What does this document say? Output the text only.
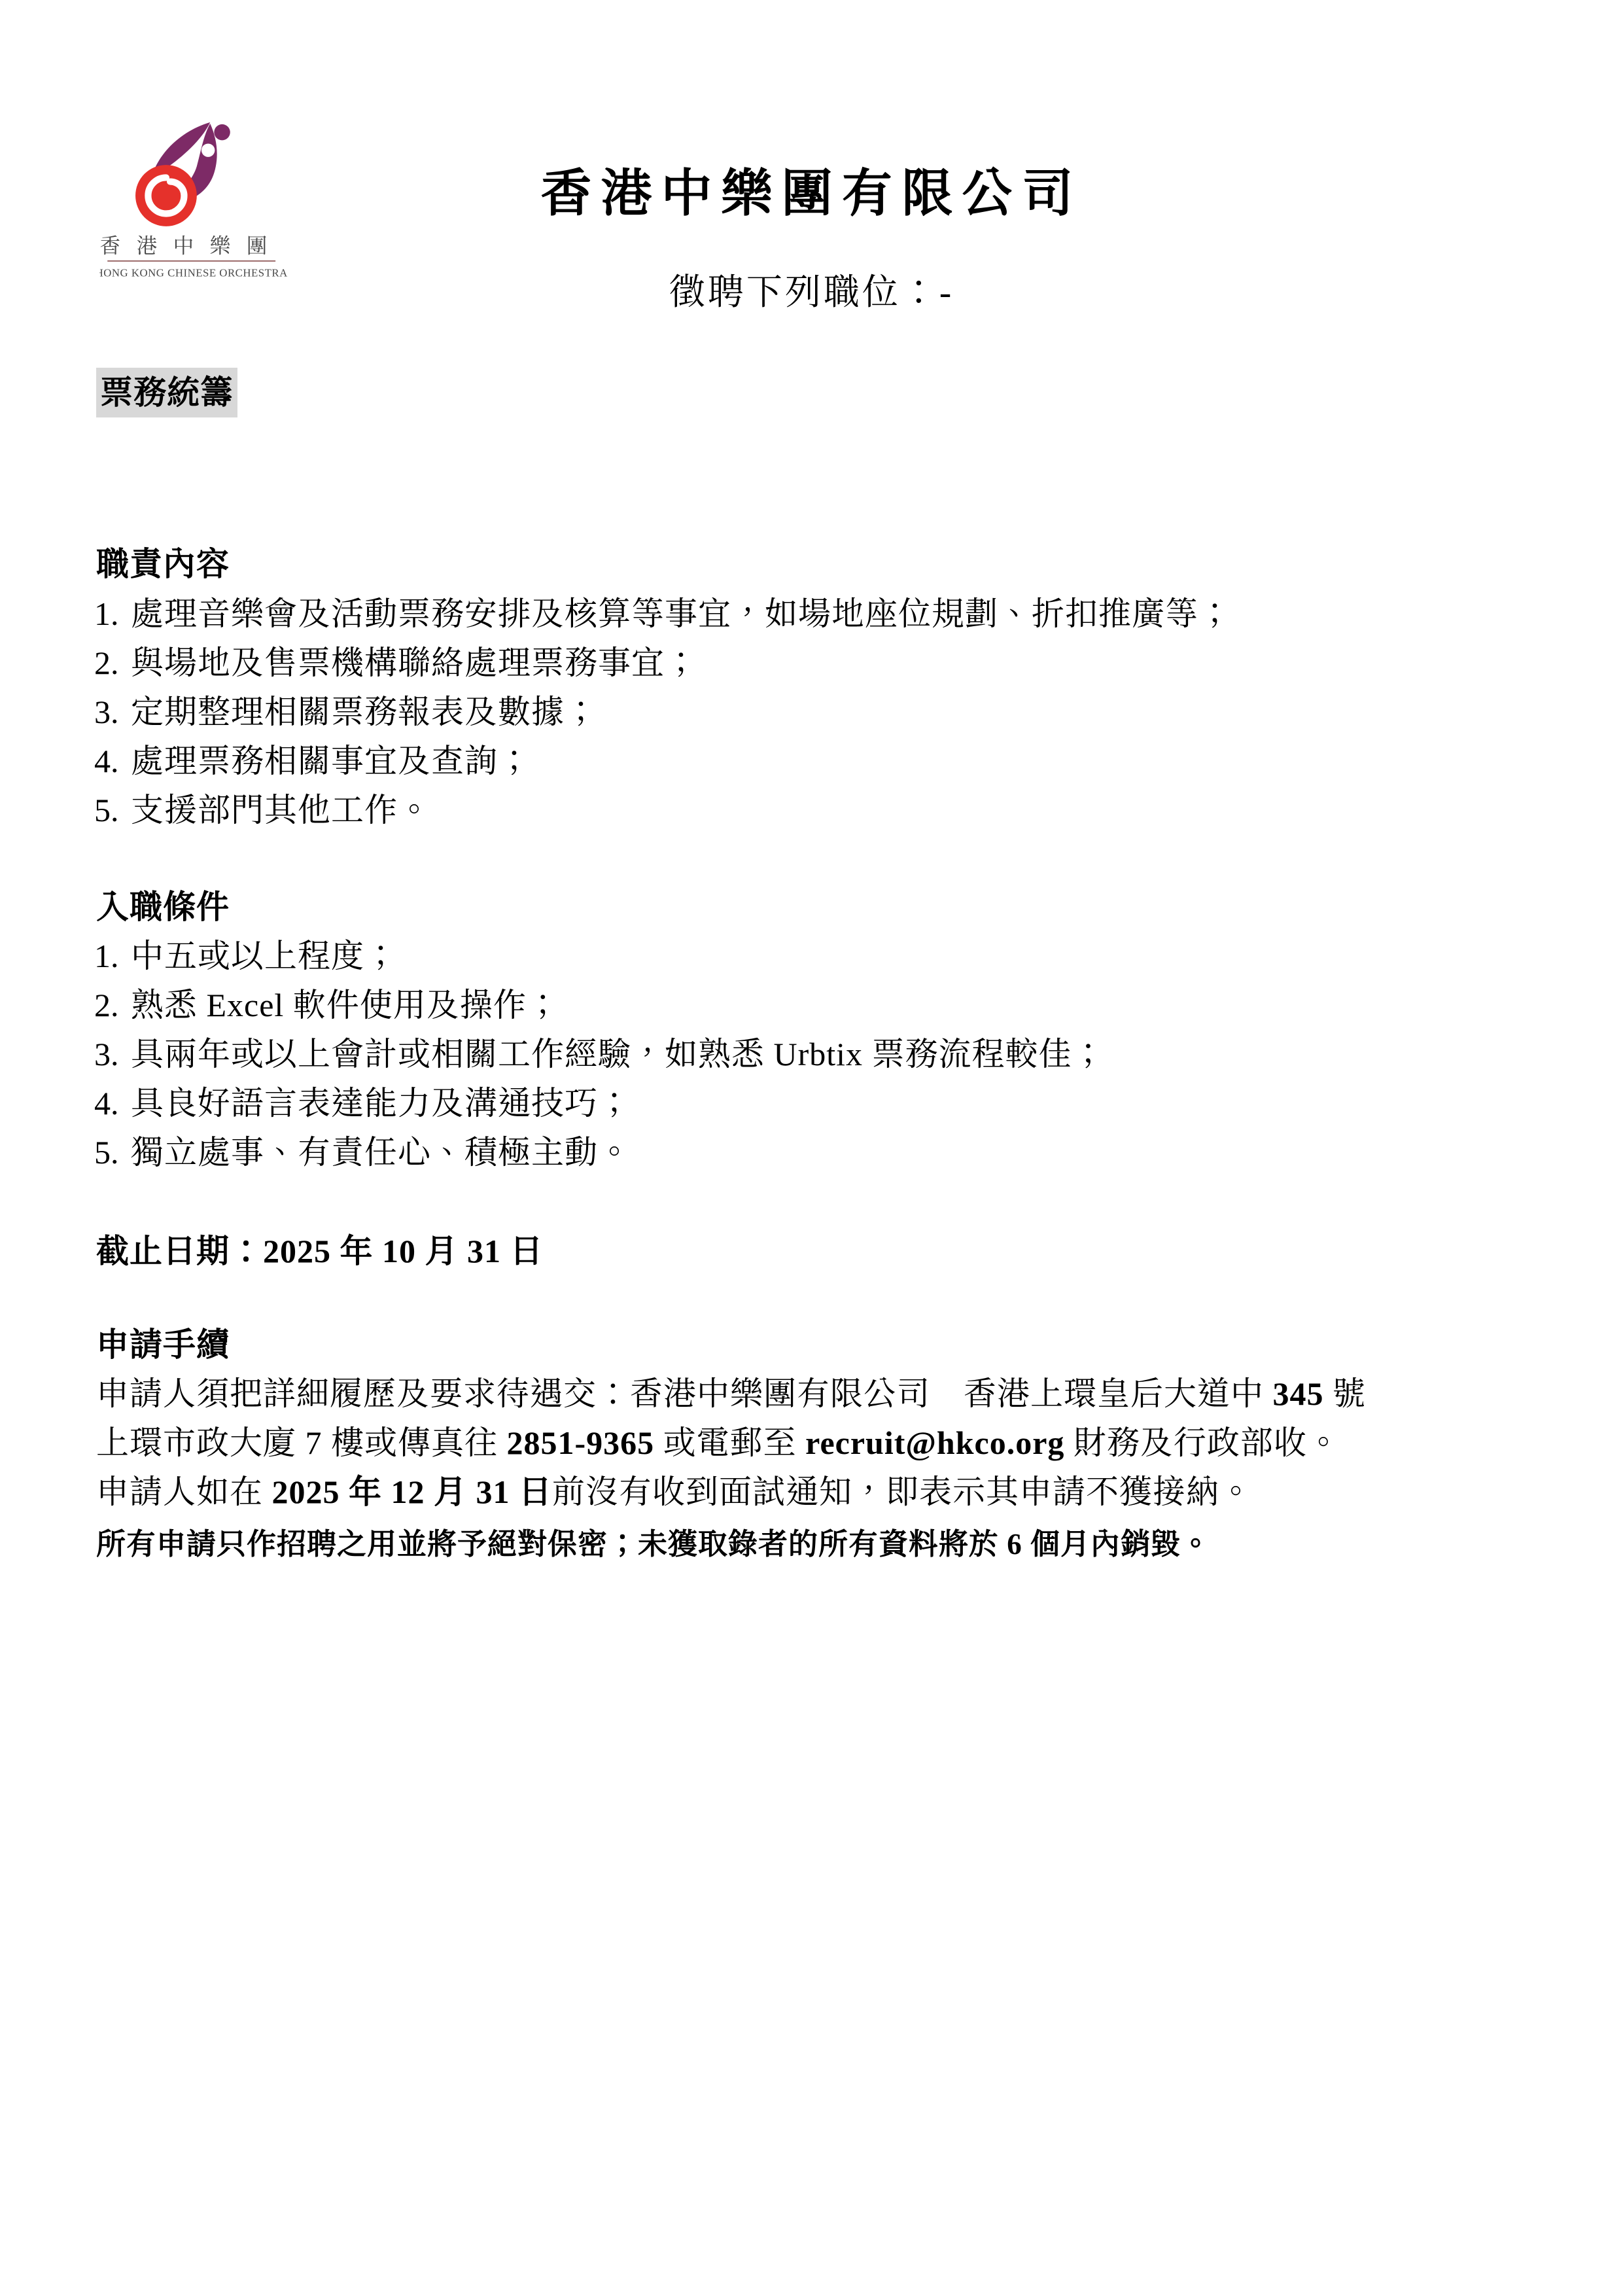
香港中樂團
HONG KONG CHINESE ORCHESTRA
香港中樂團有限公司
徵聘下列職位：-
票務統籌
職責內容
1. 處理音樂會及活動票務安排及核算等事宜，如場地座位規劃、折扣推廣等；
2. 與場地及售票機構聯絡處理票務事宜；
3. 定期整理相關票務報表及數據；
4. 處理票務相關事宜及查詢；
5. 支援部門其他工作。
入職條件
1. 中五或以上程度；
2. 熟悉 Excel 軟件使用及操作；
3. 具兩年或以上會計或相關工作經驗，如熟悉 Urbtix 票務流程較佳；
4. 具良好語言表達能力及溝通技巧；
5. 獨立處事、有責任心、積極主動。
截止日期：2025 年 10 月 31 日
申請手續
申請人須把詳細履歷及要求待遇交：香港中樂團有限公司　香港上環皇后大道中 345 號
上環市政大廈 7 樓或傳真往 2851-9365 或電郵至 recruit@hkco.org 財務及行政部收。
申請人如在 2025 年 12 月 31 日前沒有收到面試通知，即表示其申請不獲接納。
所有申請只作招聘之用並將予絕對保密；未獲取錄者的所有資料將於 6 個月內銷毀。
